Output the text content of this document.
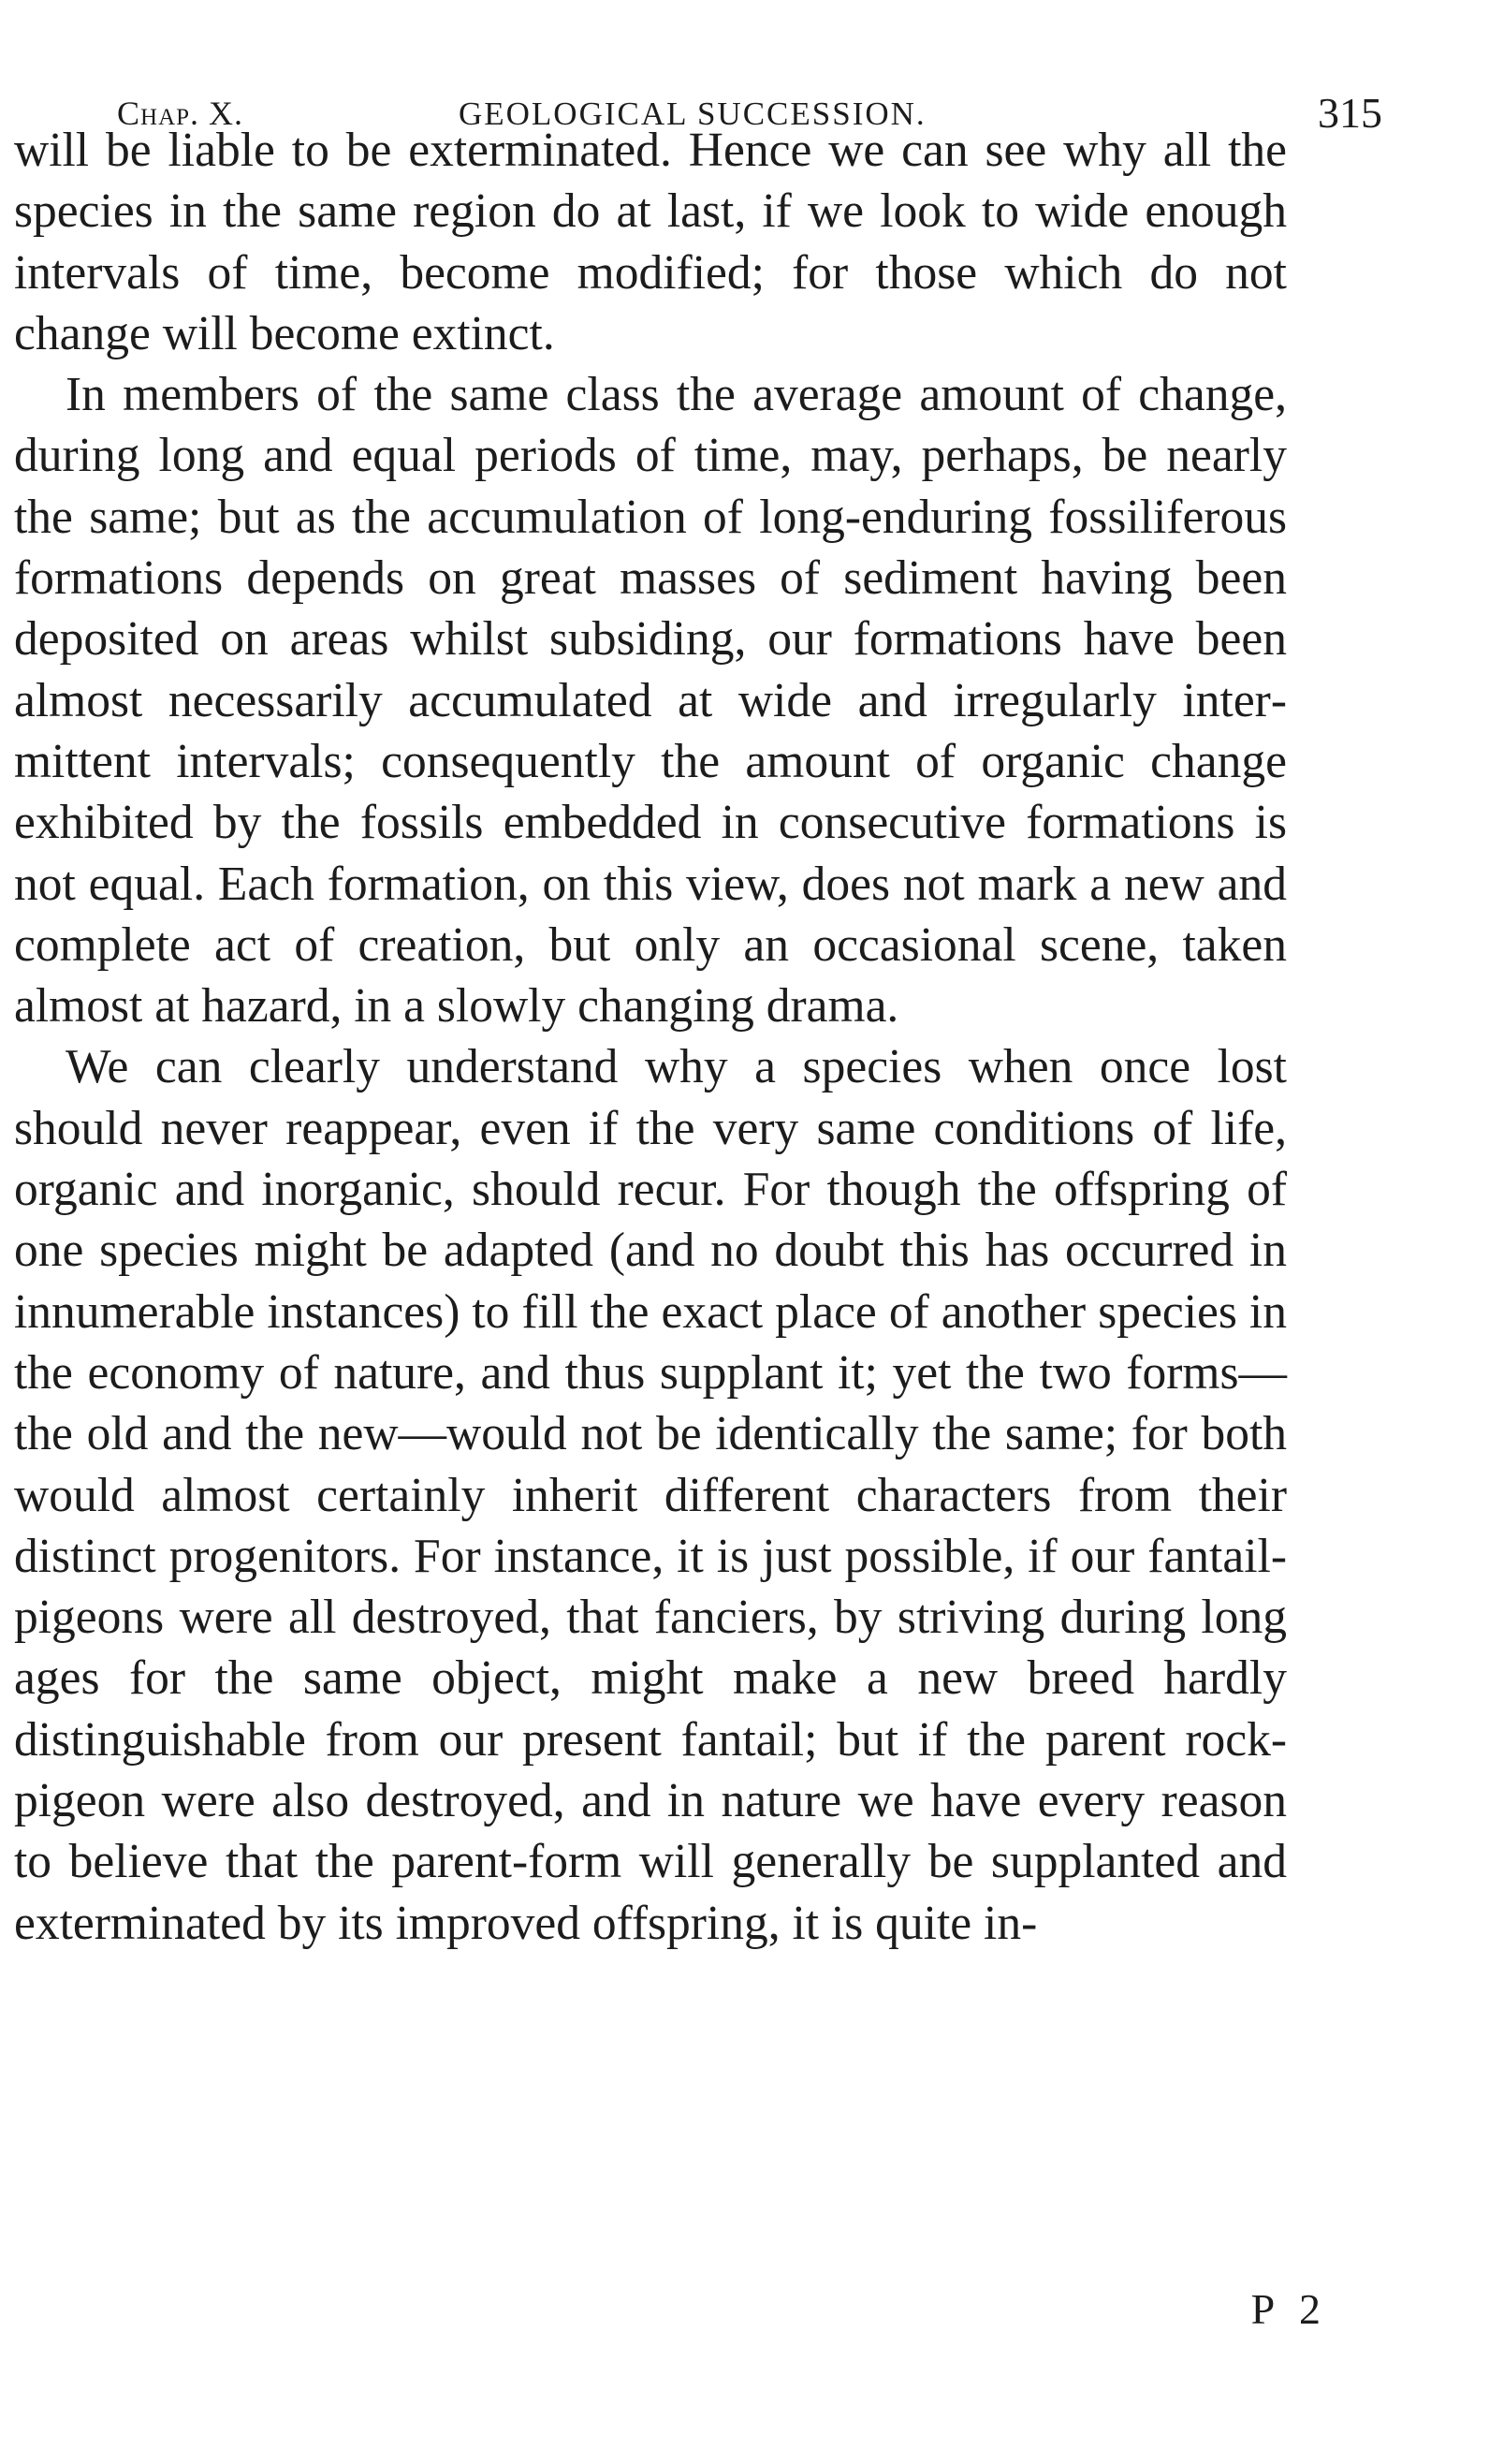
Chap. X.	GEOLOGICAL SUCCESSION.	315

will be liable to be exterminated. Hence we can see why all the species in the same region do at last, if we look to wide enough intervals of time, become modified; for those which do not change will become extinct.

In members of the same class the average amount of change, during long and equal periods of time, may, perhaps, be nearly the same; but as the accumulation of long-enduring fossiliferous formations depends on great masses of sediment having been deposited on areas whilst subsiding, our formations have been almost necessarily accumulated at wide and irregularly intermittent intervals; consequently the amount of organic change exhibited by the fossils embedded in consecutive formations is not equal. Each formation, on this view, does not mark a new and complete act of creation, but only an occasional scene, taken almost at hazard, in a slowly changing drama.

We can clearly understand why a species when once lost should never reappear, even if the very same conditions of life, organic and inorganic, should recur. For though the offspring of one species might be adapted (and no doubt this has occurred in innumerable instances) to fill the exact place of another species in the economy of nature, and thus supplant it; yet the two forms—the old and the new—would not be identically the same; for both would almost certainly inherit different characters from their distinct progenitors. For instance, it is just possible, if our fantail-pigeons were all destroyed, that fanciers, by striving during long ages for the same object, might make a new breed hardly distinguishable from our present fantail; but if the parent rock-pigeon were also destroyed, and in nature we have every reason to believe that the parent-form will generally be supplanted and exterminated by its improved offspring, it is quite in-

P 2
